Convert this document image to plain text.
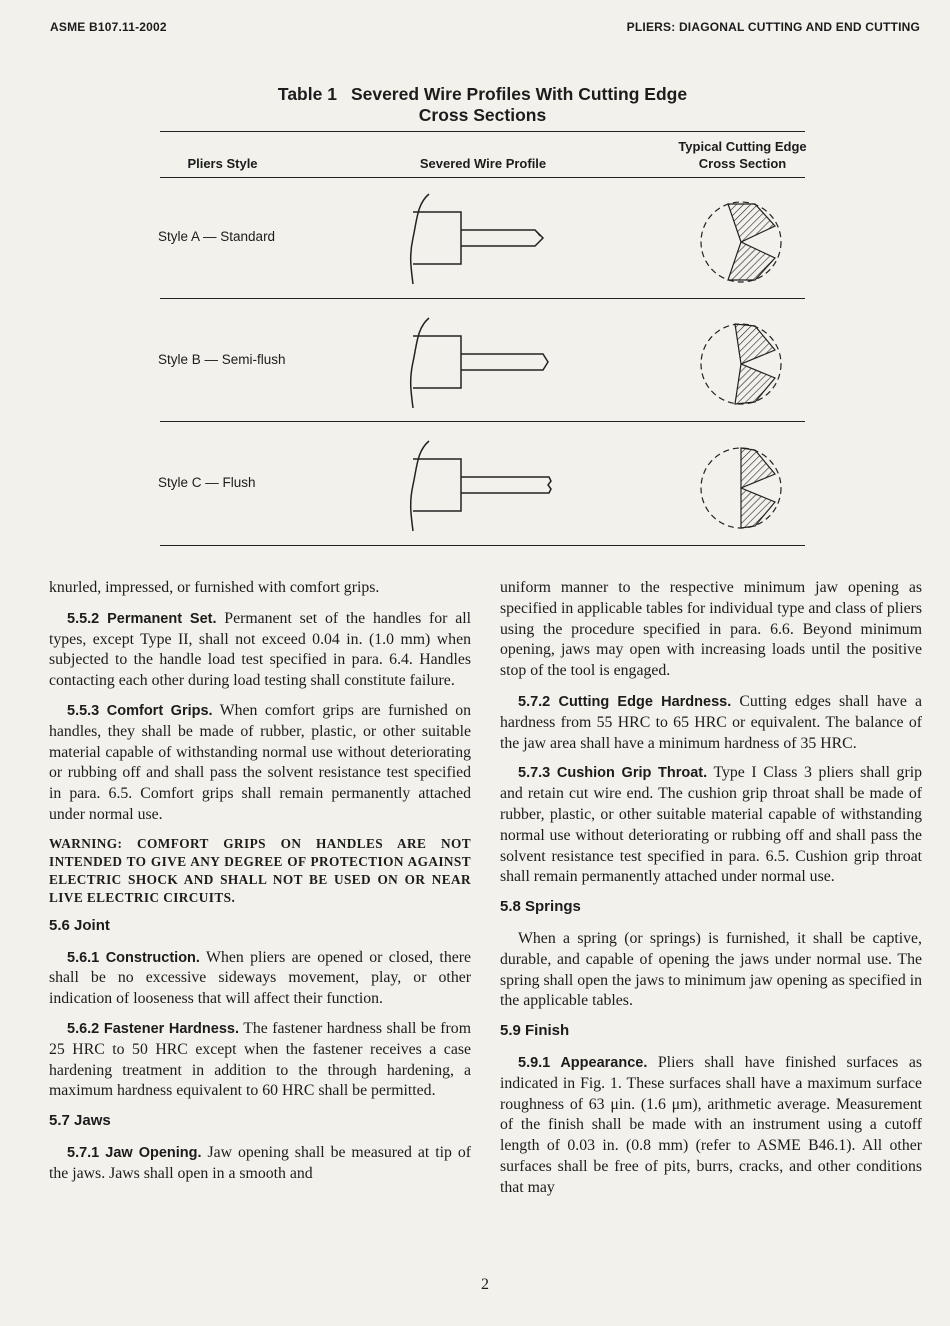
ASME B107.11-2002	PLIERS: DIAGONAL CUTTING AND END CUTTING
Table 1 Severed Wire Profiles With Cutting Edge
Cross Sections
Pliers Style	Severed Wire Profile
Typical Cutting Edge
Cross Section
Style A — Standard
Style B — Semi-flush
Style C — Flush

knurled, impressed, or furnished with comfort grips.

5.5.2 Permanent Set. Permanent set of the handles for all types, except Type II, shall not exceed 0.04 in. (1.0 mm) when subjected to the handle load test specified in para. 6.4. Handles contacting each other during load testing shall constitute failure.

5.5.3 Comfort Grips. When comfort grips are furnished on handles, they shall be made of rubber, plastic, or other suitable material capable of withstanding normal use without deteriorating or rubbing off and shall pass the solvent resistance test specified in para. 6.5. Comfort grips shall remain permanently attached under normal use.

WARNING: COMFORT GRIPS ON HANDLES ARE NOT INTENDED TO GIVE ANY DEGREE OF PROTECTION AGAINST ELECTRIC SHOCK AND SHALL NOT BE USED ON OR NEAR LIVE ELECTRIC CIRCUITS.

5.6 Joint

5.6.1 Construction. When pliers are opened or closed, there shall be no excessive sideways movement, play, or other indication of looseness that will affect their function.

5.6.2 Fastener Hardness. The fastener hardness shall be from 25 HRC to 50 HRC except when the fastener receives a case hardening treatment in addition to the through hardening, a maximum hardness equivalent to 60 HRC shall be permitted.

5.7 Jaws

5.7.1 Jaw Opening. Jaw opening shall be measured at tip of the jaws. Jaws shall open in a smooth and

uniform manner to the respective minimum jaw opening as specified in applicable tables for individual type and class of pliers using the procedure specified in para. 6.6. Beyond minimum opening, jaws may open with increasing loads until the positive stop of the tool is engaged.

5.7.2 Cutting Edge Hardness. Cutting edges shall have a hardness from 55 HRC to 65 HRC or equivalent. The balance of the jaw area shall have a minimum hardness of 35 HRC.

5.7.3 Cushion Grip Throat. Type I Class 3 pliers shall grip and retain cut wire end. The cushion grip throat shall be made of rubber, plastic, or other suitable material capable of withstanding normal use without deteriorating or rubbing off and shall pass the solvent resistance test specified in para. 6.5. Cushion grip throat shall remain permanently attached under normal use.

5.8 Springs

When a spring (or springs) is furnished, it shall be captive, durable, and capable of opening the jaws under normal use. The spring shall open the jaws to minimum jaw opening as specified in the applicable tables.

5.9 Finish

5.9.1 Appearance. Pliers shall have finished surfaces as indicated in Fig. 1. These surfaces shall have a maximum surface roughness of 63 μin. (1.6 μm), arithmetic average. Measurement of the finish shall be made with an instrument using a cutoff length of 0.03 in. (0.8 mm) (refer to ASME B46.1). All other surfaces shall be free of pits, burrs, cracks, and other conditions that may

2
